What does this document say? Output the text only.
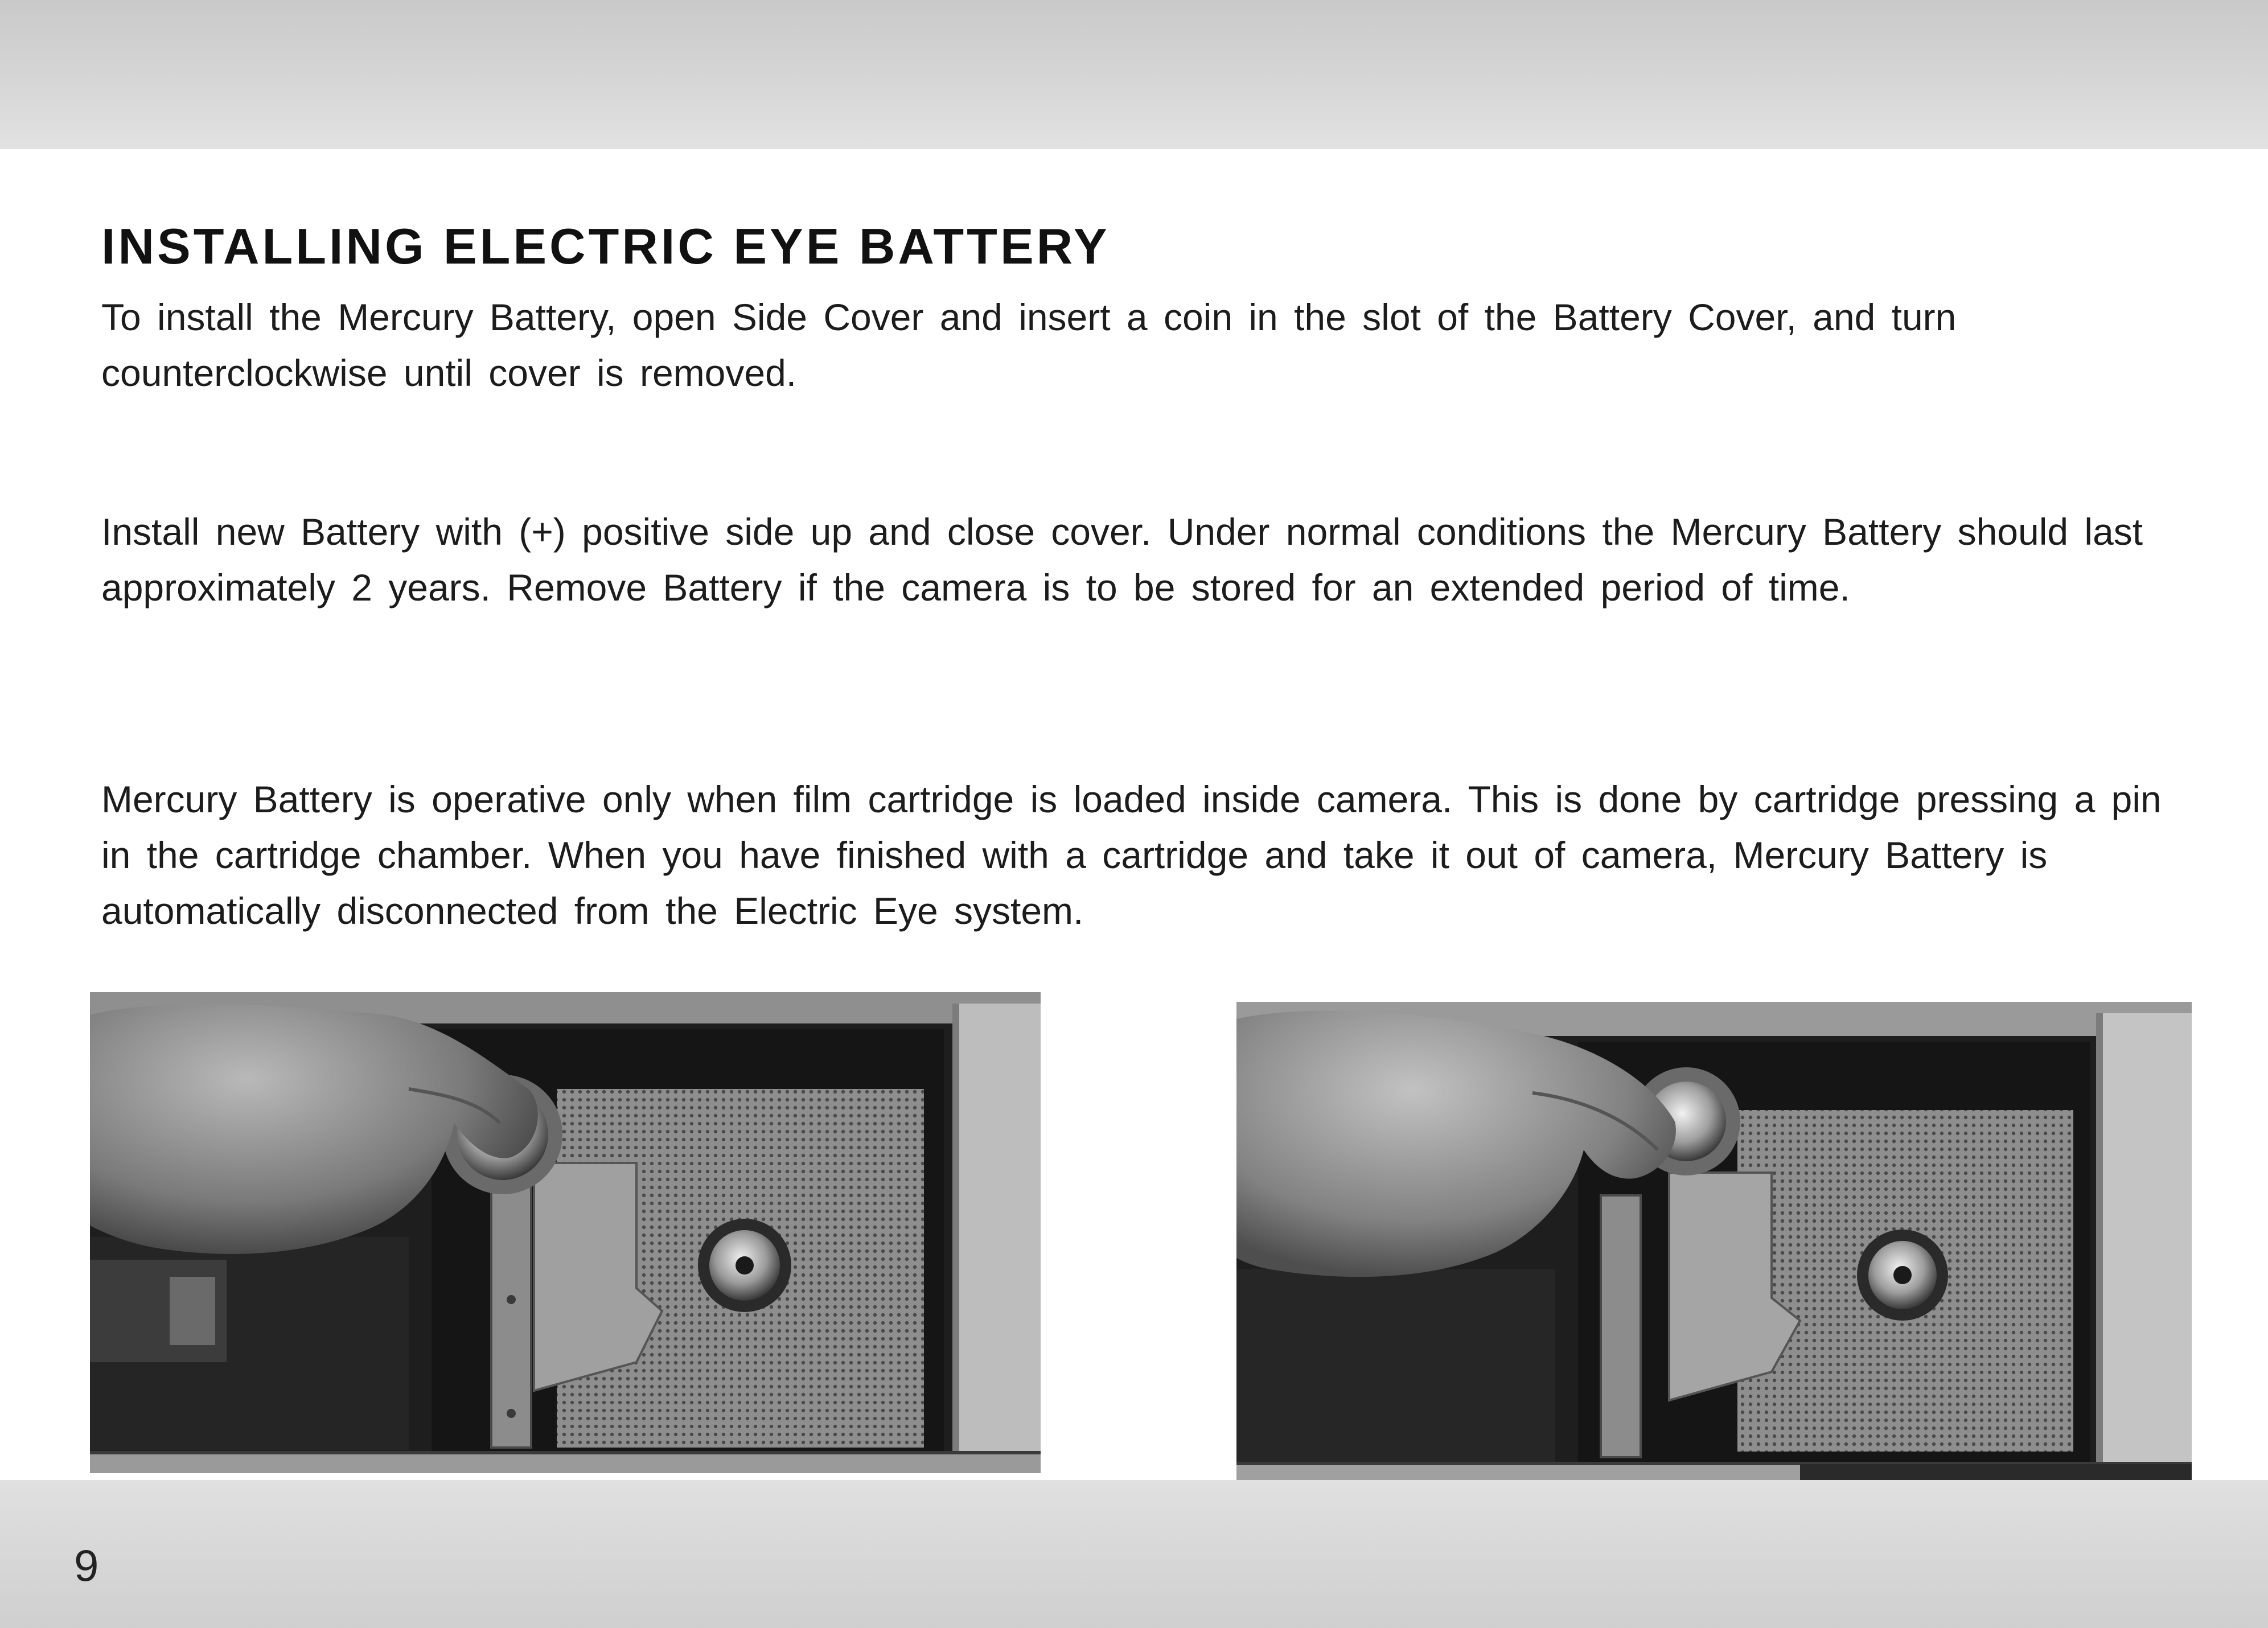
INSTALLING ELECTRIC EYE BATTERY

To install the Mercury Battery, open Side Cover and insert a coin in the slot of the Battery Cover, and turn counterclockwise until cover is removed.

Install new Battery with (+) positive side up and close cover. Under normal conditions the Mercury Battery should last approximately 2 years. Remove Battery if the camera is to be stored for an extended period of time.

Mercury Battery is operative only when film cartridge is loaded inside camera. This is done by cartridge pressing a pin in the cartridge chamber. When you have finished with a cartridge and take it out of camera, Mercury Battery is automatically disconnected from the Electric Eye system.

9
